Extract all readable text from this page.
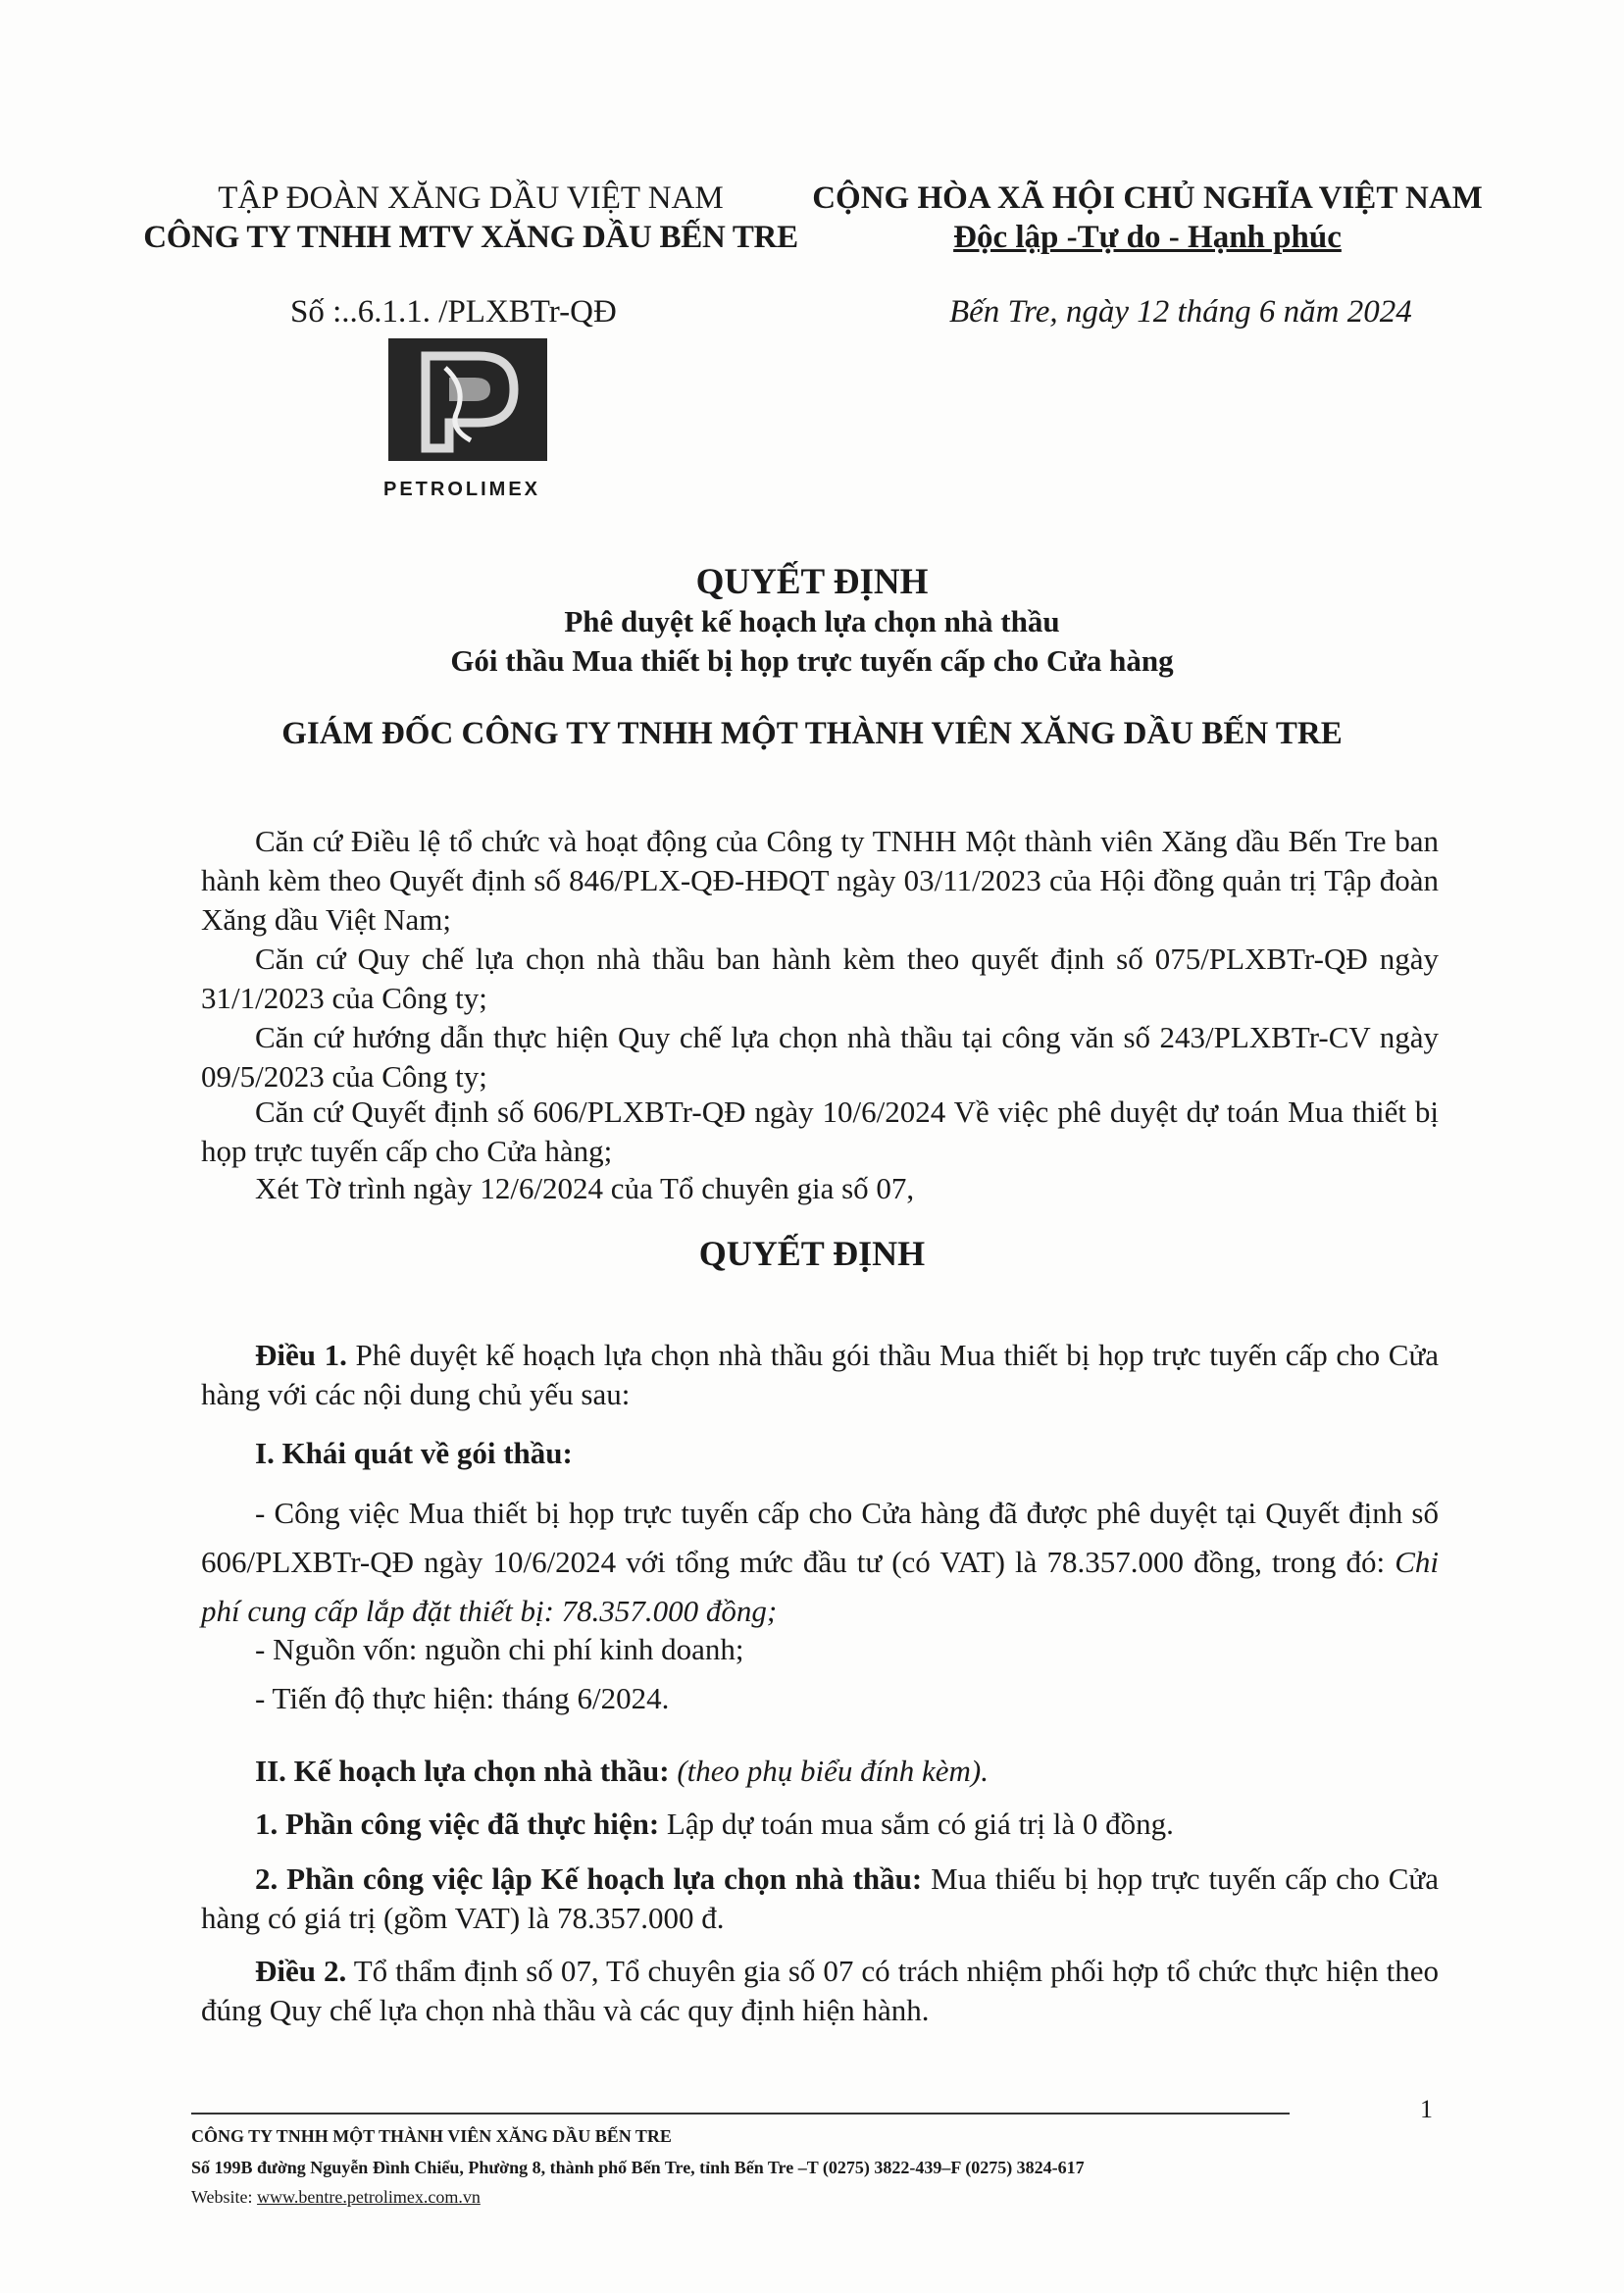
TẬP ĐOÀN XĂNG DẦU VIỆT NAM
CÔNG TY TNHH MTV XĂNG DẦU BẾN TRE
CỘNG HÒA XÃ HỘI CHỦ NGHĨA VIỆT NAM
Độc lập -Tự do - Hạnh phúc
Số :..6.1.1. /PLXBTr-QĐ	Bến Tre, ngày 12 tháng 6 năm 2024
PETROLIMEX
QUYẾT ĐỊNH
Phê duyệt kế hoạch lựa chọn nhà thầu
Gói thầu Mua thiết bị họp trực tuyến cấp cho Cửa hàng
GIÁM ĐỐC CÔNG TY TNHH MỘT THÀNH VIÊN XĂNG DẦU BẾN TRE
Căn cứ Điều lệ tổ chức và hoạt động của Công ty TNHH Một thành viên Xăng dầu Bến Tre ban hành kèm theo Quyết định số 846/PLX-QĐ-HĐQT ngày 03/11/2023 của Hội đồng quản trị Tập đoàn Xăng dầu Việt Nam;
Căn cứ Quy chế lựa chọn nhà thầu ban hành kèm theo quyết định số 075/PLXBTr-QĐ ngày 31/1/2023 của Công ty;
Căn cứ hướng dẫn thực hiện Quy chế lựa chọn nhà thầu tại công văn số 243/PLXBTr-CV ngày 09/5/2023 của Công ty;
Căn cứ Quyết định số 606/PLXBTr-QĐ ngày 10/6/2024 Về việc phê duyệt dự toán Mua thiết bị họp trực tuyến cấp cho Cửa hàng;
Xét Tờ trình ngày 12/6/2024 của Tổ chuyên gia số 07,
QUYẾT ĐỊNH
Điều 1. Phê duyệt kế hoạch lựa chọn nhà thầu gói thầu Mua thiết bị họp trực tuyến cấp cho Cửa hàng với các nội dung chủ yếu sau:
I. Khái quát về gói thầu:
- Công việc Mua thiết bị họp trực tuyến cấp cho Cửa hàng đã được phê duyệt tại Quyết định số 606/PLXBTr-QĐ ngày 10/6/2024 với tổng mức đầu tư (có VAT) là 78.357.000 đồng, trong đó: Chi phí cung cấp lắp đặt thiết bị: 78.357.000 đồng;
- Nguồn vốn: nguồn chi phí kinh doanh;
- Tiến độ thực hiện: tháng 6/2024.
II. Kế hoạch lựa chọn nhà thầu: (theo phụ biểu đính kèm).
1. Phần công việc đã thực hiện: Lập dự toán mua sắm có giá trị là 0 đồng.
2. Phần công việc lập Kế hoạch lựa chọn nhà thầu: Mua thiếu bị họp trực tuyến cấp cho Cửa hàng có giá trị (gồm VAT) là 78.357.000 đ.
Điều 2. Tổ thẩm định số 07, Tổ chuyên gia số 07 có trách nhiệm phối hợp tổ chức thực hiện theo đúng Quy chế lựa chọn nhà thầu và các quy định hiện hành.
1
CÔNG TY TNHH MỘT THÀNH VIÊN XĂNG DẦU BẾN TRE
Số 199B đường Nguyễn Đình Chiểu, Phường 8, thành phố Bến Tre, tỉnh Bến Tre –T (0275) 3822-439–F (0275) 3824-617
Website: www.bentre.petrolimex.com.vn
